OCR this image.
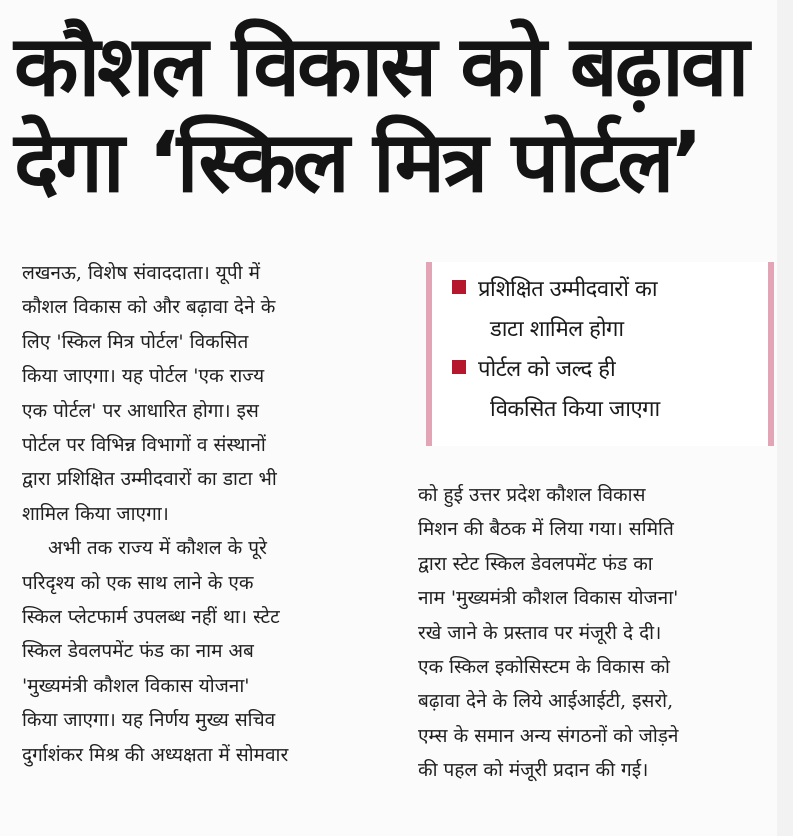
कौशल विकास को बढ़ावा
देगा ‘स्किल मित्र पोर्टल’
लखनऊ, विशेष संवाददाता। यूपी में
कौशल विकास को और बढ़ावा देने के
लिए 'स्किल मित्र पोर्टल' विकसित
किया जाएगा। यह पोर्टल 'एक राज्य
एक पोर्टल' पर आधारित होगा। इस
पोर्टल पर विभिन्न विभागों व संस्थानों
द्वारा प्रशिक्षित उम्मीदवारों का डाटा भी
शामिल किया जाएगा।
अभी तक राज्य में कौशल के पूरे
परिदृश्य को एक साथ लाने के एक
स्किल प्लेटफार्म उपलब्ध नहीं था। स्टेट
स्किल डेवलपमेंट फंड का नाम अब
'मुख्यमंत्री कौशल विकास योजना'
किया जाएगा। यह निर्णय मुख्य सचिव
दुर्गाशंकर मिश्र की अध्यक्षता में सोमवार
प्रशिक्षित उम्मीदवारों का
डाटा शामिल होगा
पोर्टल को जल्द ही
विकसित किया जाएगा
को हुई उत्तर प्रदेश कौशल विकास
मिशन की बैठक में लिया गया। समिति
द्वारा स्टेट स्किल डेवलपमेंट फंड का
नाम 'मुख्यमंत्री कौशल विकास योजना'
रखे जाने के प्रस्ताव पर मंजूरी दे दी।
एक स्किल इकोसिस्टम के विकास को
बढ़ावा देने के लिये आईआईटी, इसरो,
एम्स के समान अन्य संगठनों को जोड़ने
की पहल को मंजूरी प्रदान की गई।
